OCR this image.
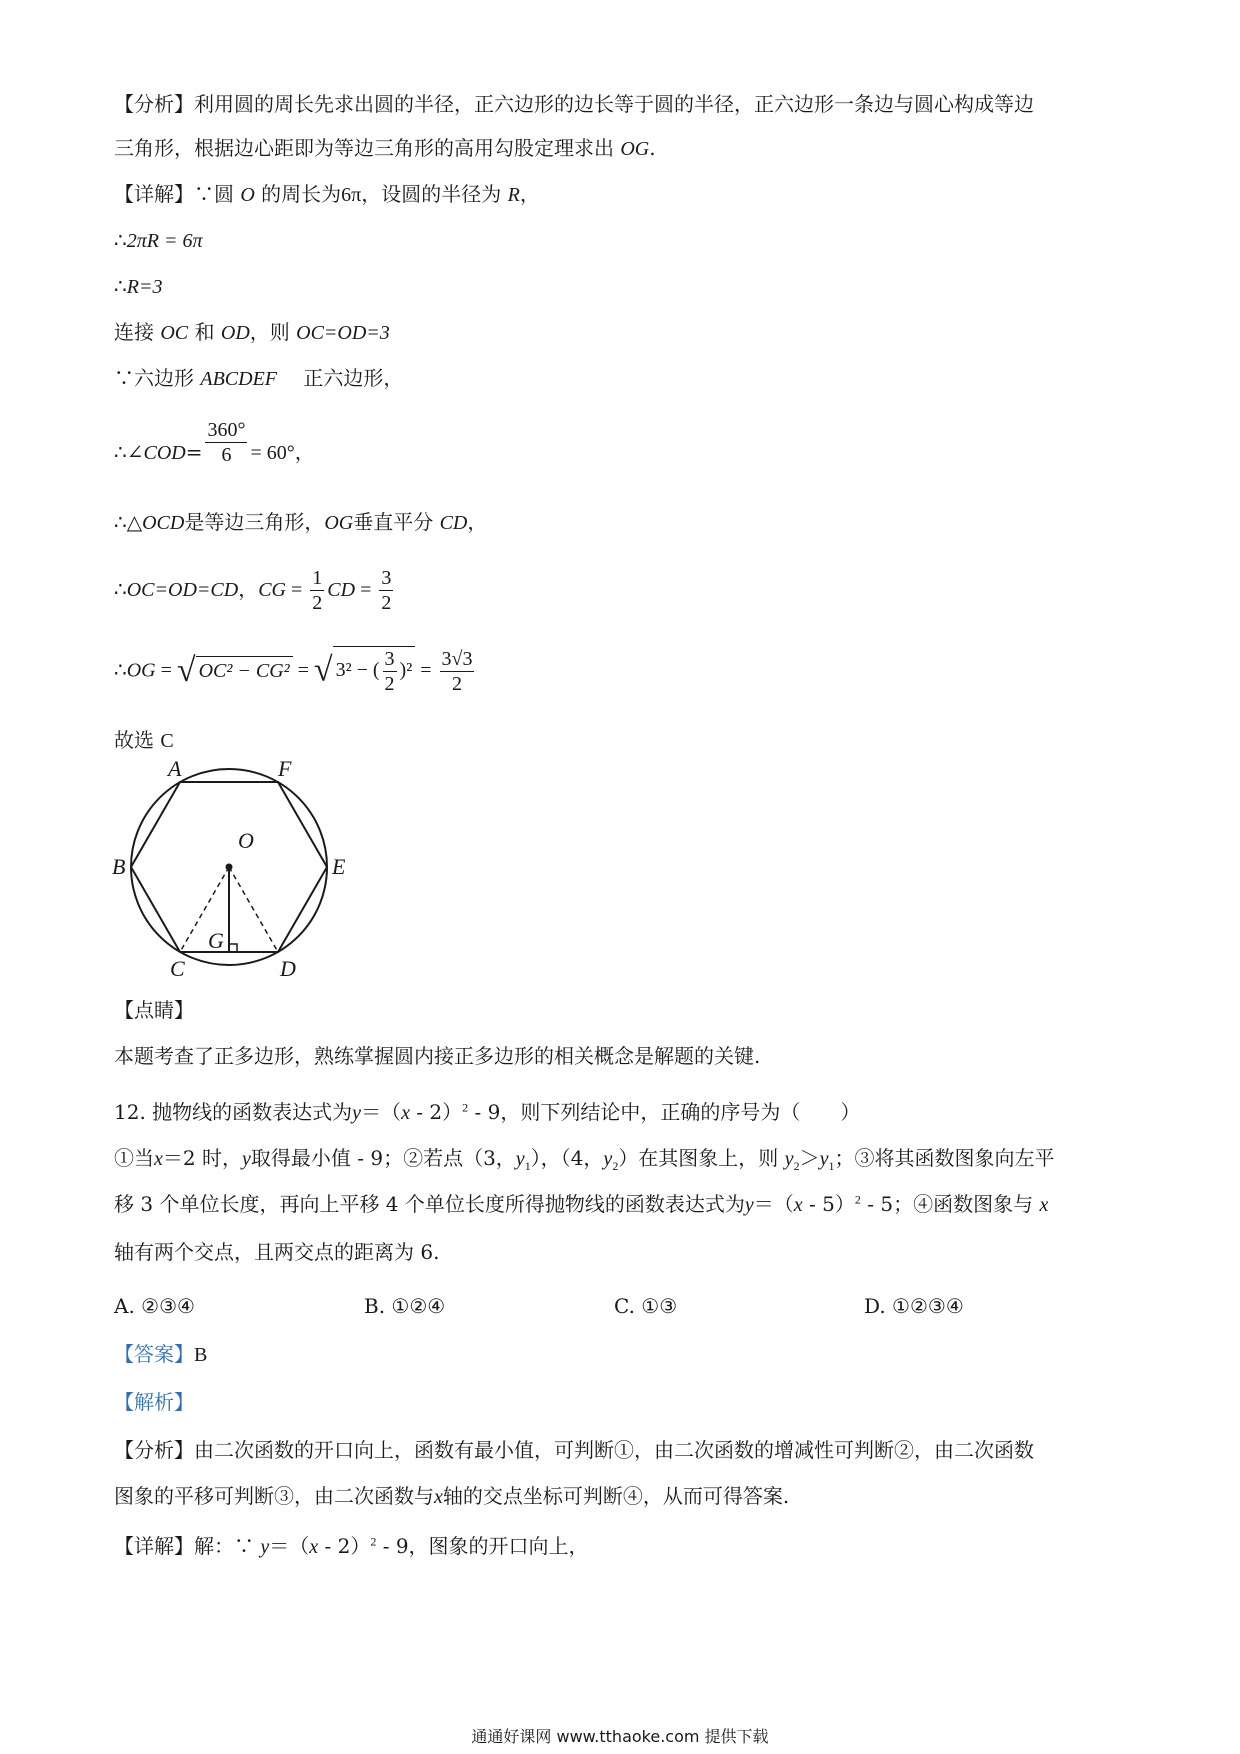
【分析】利用圆的周长先求出圆的半径，正六边形的边长等于圆的半径，正六边形一条边与圆心构成等边
三角形，根据边心距即为等边三角形的高用勾股定理求出 OG.
【详解】∵圆 O 的周长为6π，设圆的半径为 R，
∴2πR = 6π
∴R=3
连接 OC 和 OD，则 OC=OD=3
∵六边形 ABCDEF　 正六边形，
∴∠COD= $\frac{360^\circ}{6} = 60^\circ$，
∴△OCD是等边三角形，OG垂直平分 CD，
∴OC=OD=CD，CG = $\frac{1}{2}$ CD = $\frac{3}{2}$
∴OG = √ OC² − CG² = √ 3² − ( $\frac{3}{2} )^2 = \frac{3√3}{2}$
故选 C
A	F
O
B	E
G
C	D
【点睛】
本题考查了正多边形，熟练掌握圆内接正多边形的相关概念是解题的关键.
12. 抛物线的函数表达式为y＝（x - 2）$^2$ - 9，则下列结论中，正确的序号为（　　）
①当x＝2 时，y取得最小值 - 9；②若点（3，$y_1$），（4，$y_2$）在其图象上，则 $y_2>y_1$；③将其函数图象向左平
移 3 个单位长度，再向上平移 4 个单位长度所得抛物线的函数表达式为y＝（x - 5）$^2$ - 5；④函数图象与 x
轴有两个交点，且两交点的距离为 6.
A. ②③④	B. ①②④	C. ①③	D. ①②③④
【答案】B
【解析】
【分析】由二次函数的开口向上，函数有最小值，可判断①，由二次函数的增减性可判断②，由二次函数
图象的平移可判断③，由二次函数与x轴的交点坐标可判断④，从而可得答案.
【详解】解：∵ y＝（x - 2）$^2$ - 9，图象的开口向上，
通通好课网 www.tthaoke.com 提供下载
